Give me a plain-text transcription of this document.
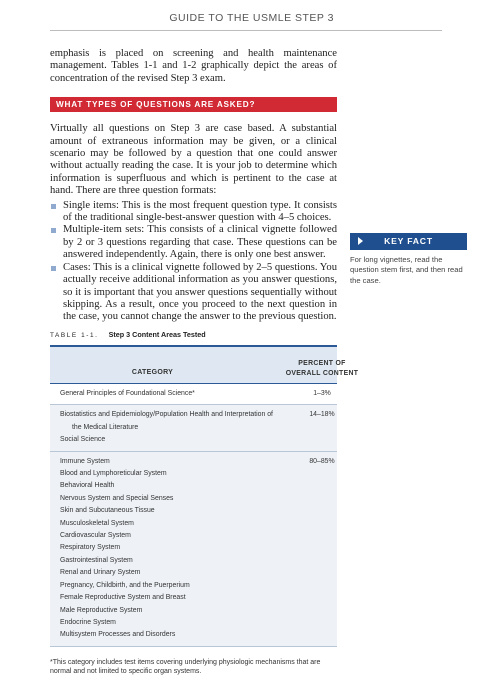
GUIDE TO THE USMLE STEP 3

emphasis is placed on screening and health maintenance management. Tables 1-1 and 1-2 graphically depict the areas of concentration of the revised Step 3 exam.

WHAT TYPES OF QUESTIONS ARE ASKED?

Virtually all questions on Step 3 are case based. A substantial amount of extraneous information may be given, or a clinical scenario may be followed by a question that one could answer without actually reading the case. It is your job to determine which information is superfluous and which is pertinent to the case at hand. There are three question formats:

Single items: This is the most frequent question type. It consists of the traditional single-best-answer question with 4–5 choices.
Multiple-item sets: This consists of a clinical vignette followed by 2 or 3 questions regarding that case. These questions can be answered independently. Again, there is only one best answer.
Cases: This is a clinical vignette followed by 2–5 questions. You actually receive additional information as you answer questions, so it is important that you answer questions sequentially without skipping. As a result, once you proceed to the next question in the case, you cannot change the answer to the previous question.
KEY FACT

For long vignettes, read the question stem first, and then read the case.

TABLE 1-1. Step 3 Content Areas Tested
CATEGORY
PERCENT OF
OVERALL CONTENT
General Principles of Foundational Science*	1–3%
Biostatistics and Epidemiology/Population Health and Interpretation of
the Medical Literature
Social Science
14–18%
Immune System
Blood and Lymphoreticular System
Behavioral Health
Nervous System and Special Senses
Skin and Subcutaneous Tissue
Musculoskeletal System
Cardiovascular System
Respiratory System
Gastrointestinal System
Renal and Urinary System
Pregnancy, Childbirth, and the Puerperium
Female Reproductive System and Breast
Male Reproductive System
Endocrine System
Multisystem Processes and Disorders
80–85%

*This category includes test items covering underlying physiologic mechanisms that are normal and not limited to specific organ systems.
